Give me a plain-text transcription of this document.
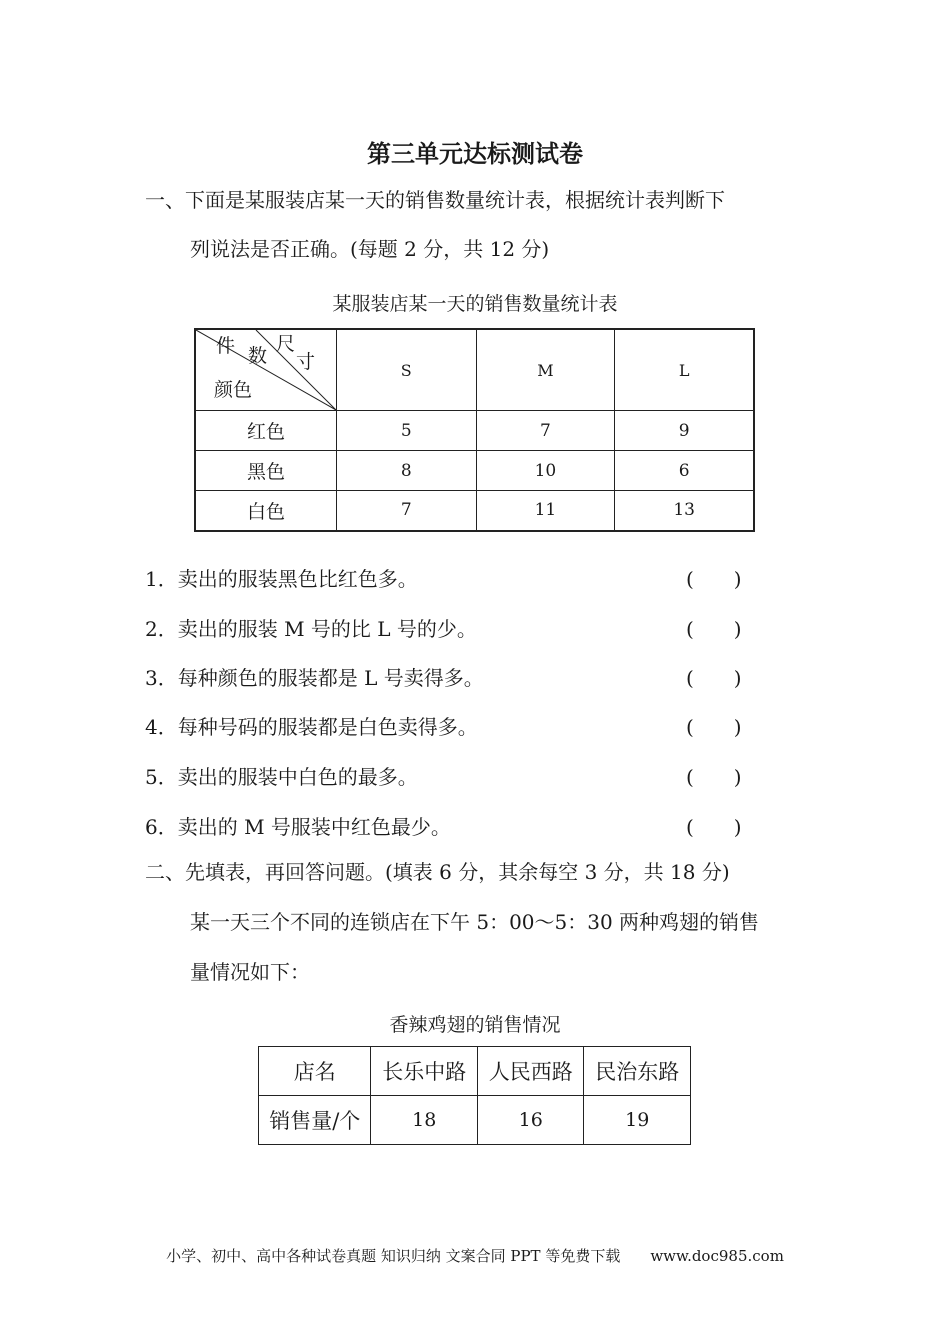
第三单元达标测试卷
一、下面是某服装店某一天的销售数量统计表，根据统计表判断下
列说法是否正确。(每题 2 分，共 12 分)
某服装店某一天的销售数量统计表
件 数
尺
寸
颜色	S	M	L
红色	5	7	9
黑色	8	10	6
白色	7	11	13
1．卖出的服装黑色比红色多。	(　　)
2．卖出的服装 M 号的比 L 号的少。	(　　)
3．每种颜色的服装都是 L 号卖得多。	(　　)
4．每种号码的服装都是白色卖得多。	(　　)
5．卖出的服装中白色的最多。	(　　)
6．卖出的 M 号服装中红色最少。	(　　)
二、先填表，再回答问题。(填表 6 分，其余每空 3 分，共 18 分)
某一天三个不同的连锁店在下午 5：00～5：30 两种鸡翅的销售
量情况如下：
香辣鸡翅的销售情况
店名	长乐中路	人民西路	民治东路
销售量/个	18	16	19
小学、初中、高中各种试卷真题 知识归纳 文案合同 PPT 等免费下载　　www.doc985.com
